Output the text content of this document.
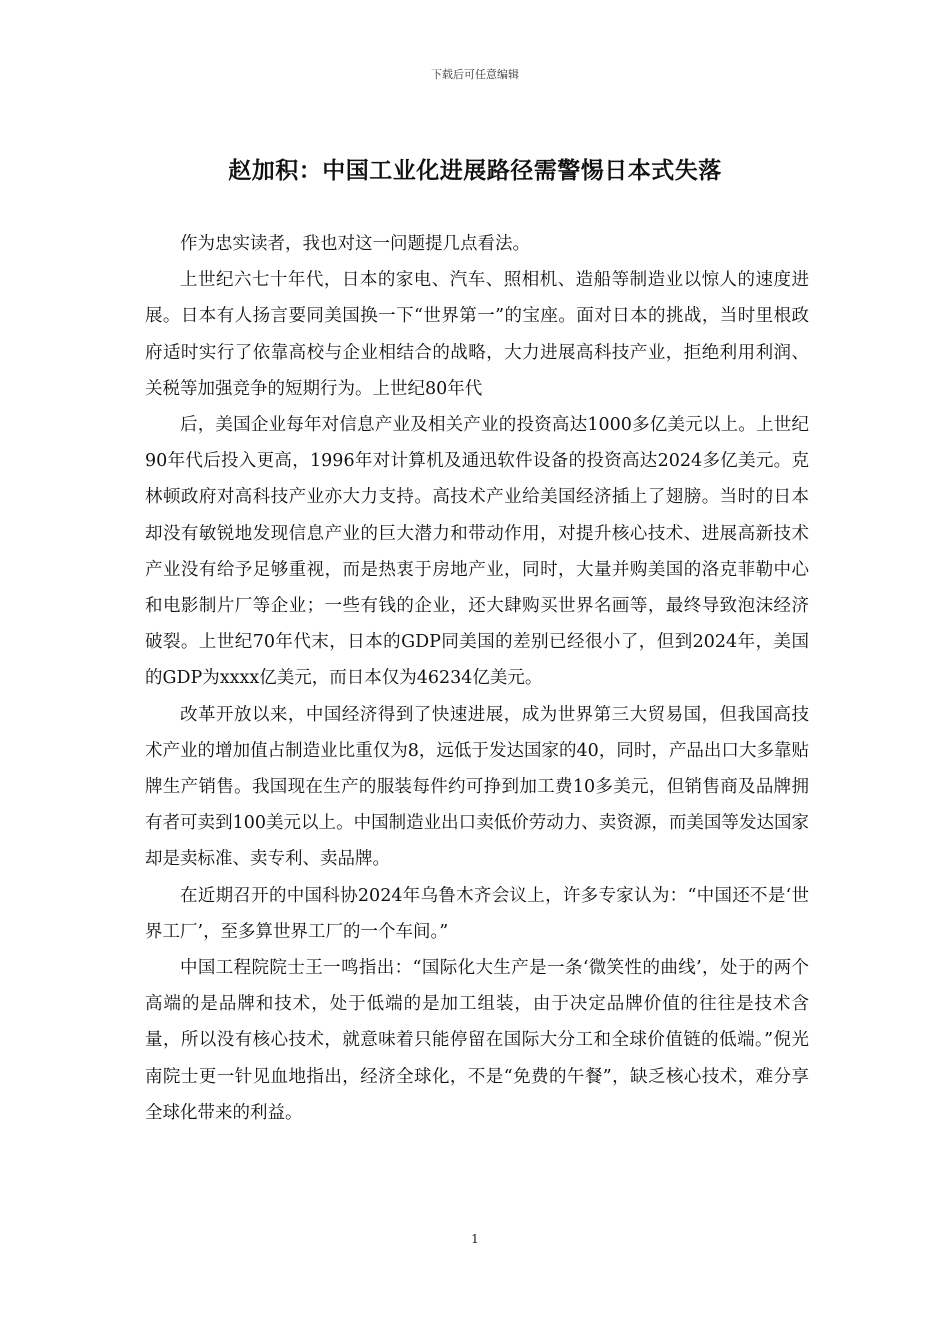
下载后可任意编辑
赵加积：中国工业化进展路径需警惕日本式失落

作为忠实读者，我也对这一问题提几点看法。

上世纪六七十年代，日本的家电、汽车、照相机、造船等制造业以惊人的速度进展。日本有人扬言要同美国换一下“世界第一”的宝座。面对日本的挑战，当时里根政府适时实行了依靠高校与企业相结合的战略，大力进展高科技产业，拒绝利用利润、关税等加强竞争的短期行为。上世纪80年代

后，美国企业每年对信息产业及相关产业的投资高达1000多亿美元以上。上世纪90年代后投入更高，1996年对计算机及通迅软件设备的投资高达2024多亿美元。克林顿政府对高科技产业亦大力支持。高技术产业给美国经济插上了翅膀。当时的日本却没有敏锐地发现信息产业的巨大潜力和带动作用，对提升核心技术、进展高新技术产业没有给予足够重视，而是热衷于房地产业，同时，大量并购美国的洛克菲勒中心和电影制片厂等企业；一些有钱的企业，还大肆购买世界名画等，最终导致泡沫经济破裂。上世纪70年代末，日本的GDP同美国的差别已经很小了，但到2024年，美国的GDP为xxxx亿美元，而日本仅为46234亿美元。

改革开放以来，中国经济得到了快速进展，成为世界第三大贸易国，但我国高技术产业的增加值占制造业比重仅为8，远低于发达国家的40，同时，产品出口大多靠贴牌生产销售。我国现在生产的服装每件约可挣到加工费10多美元，但销售商及品牌拥有者可卖到100美元以上。中国制造业出口卖低价劳动力、卖资源，而美国等发达国家却是卖标准、卖专利、卖品牌。

在近期召开的中国科协2024年乌鲁木齐会议上，许多专家认为：“中国还不是‘世界工厂’，至多算世界工厂的一个车间。”

中国工程院院士王一鸣指出：“国际化大生产是一条‘微笑性的曲线’，处于的两个高端的是品牌和技术，处于低端的是加工组装，由于决定品牌价值的往往是技术含量，所以没有核心技术，就意味着只能停留在国际大分工和全球价值链的低端。”倪光南院士更一针见血地指出，经济全球化，不是“免费的午餐”，缺乏核心技术，难分享全球化带来的利益。

1
